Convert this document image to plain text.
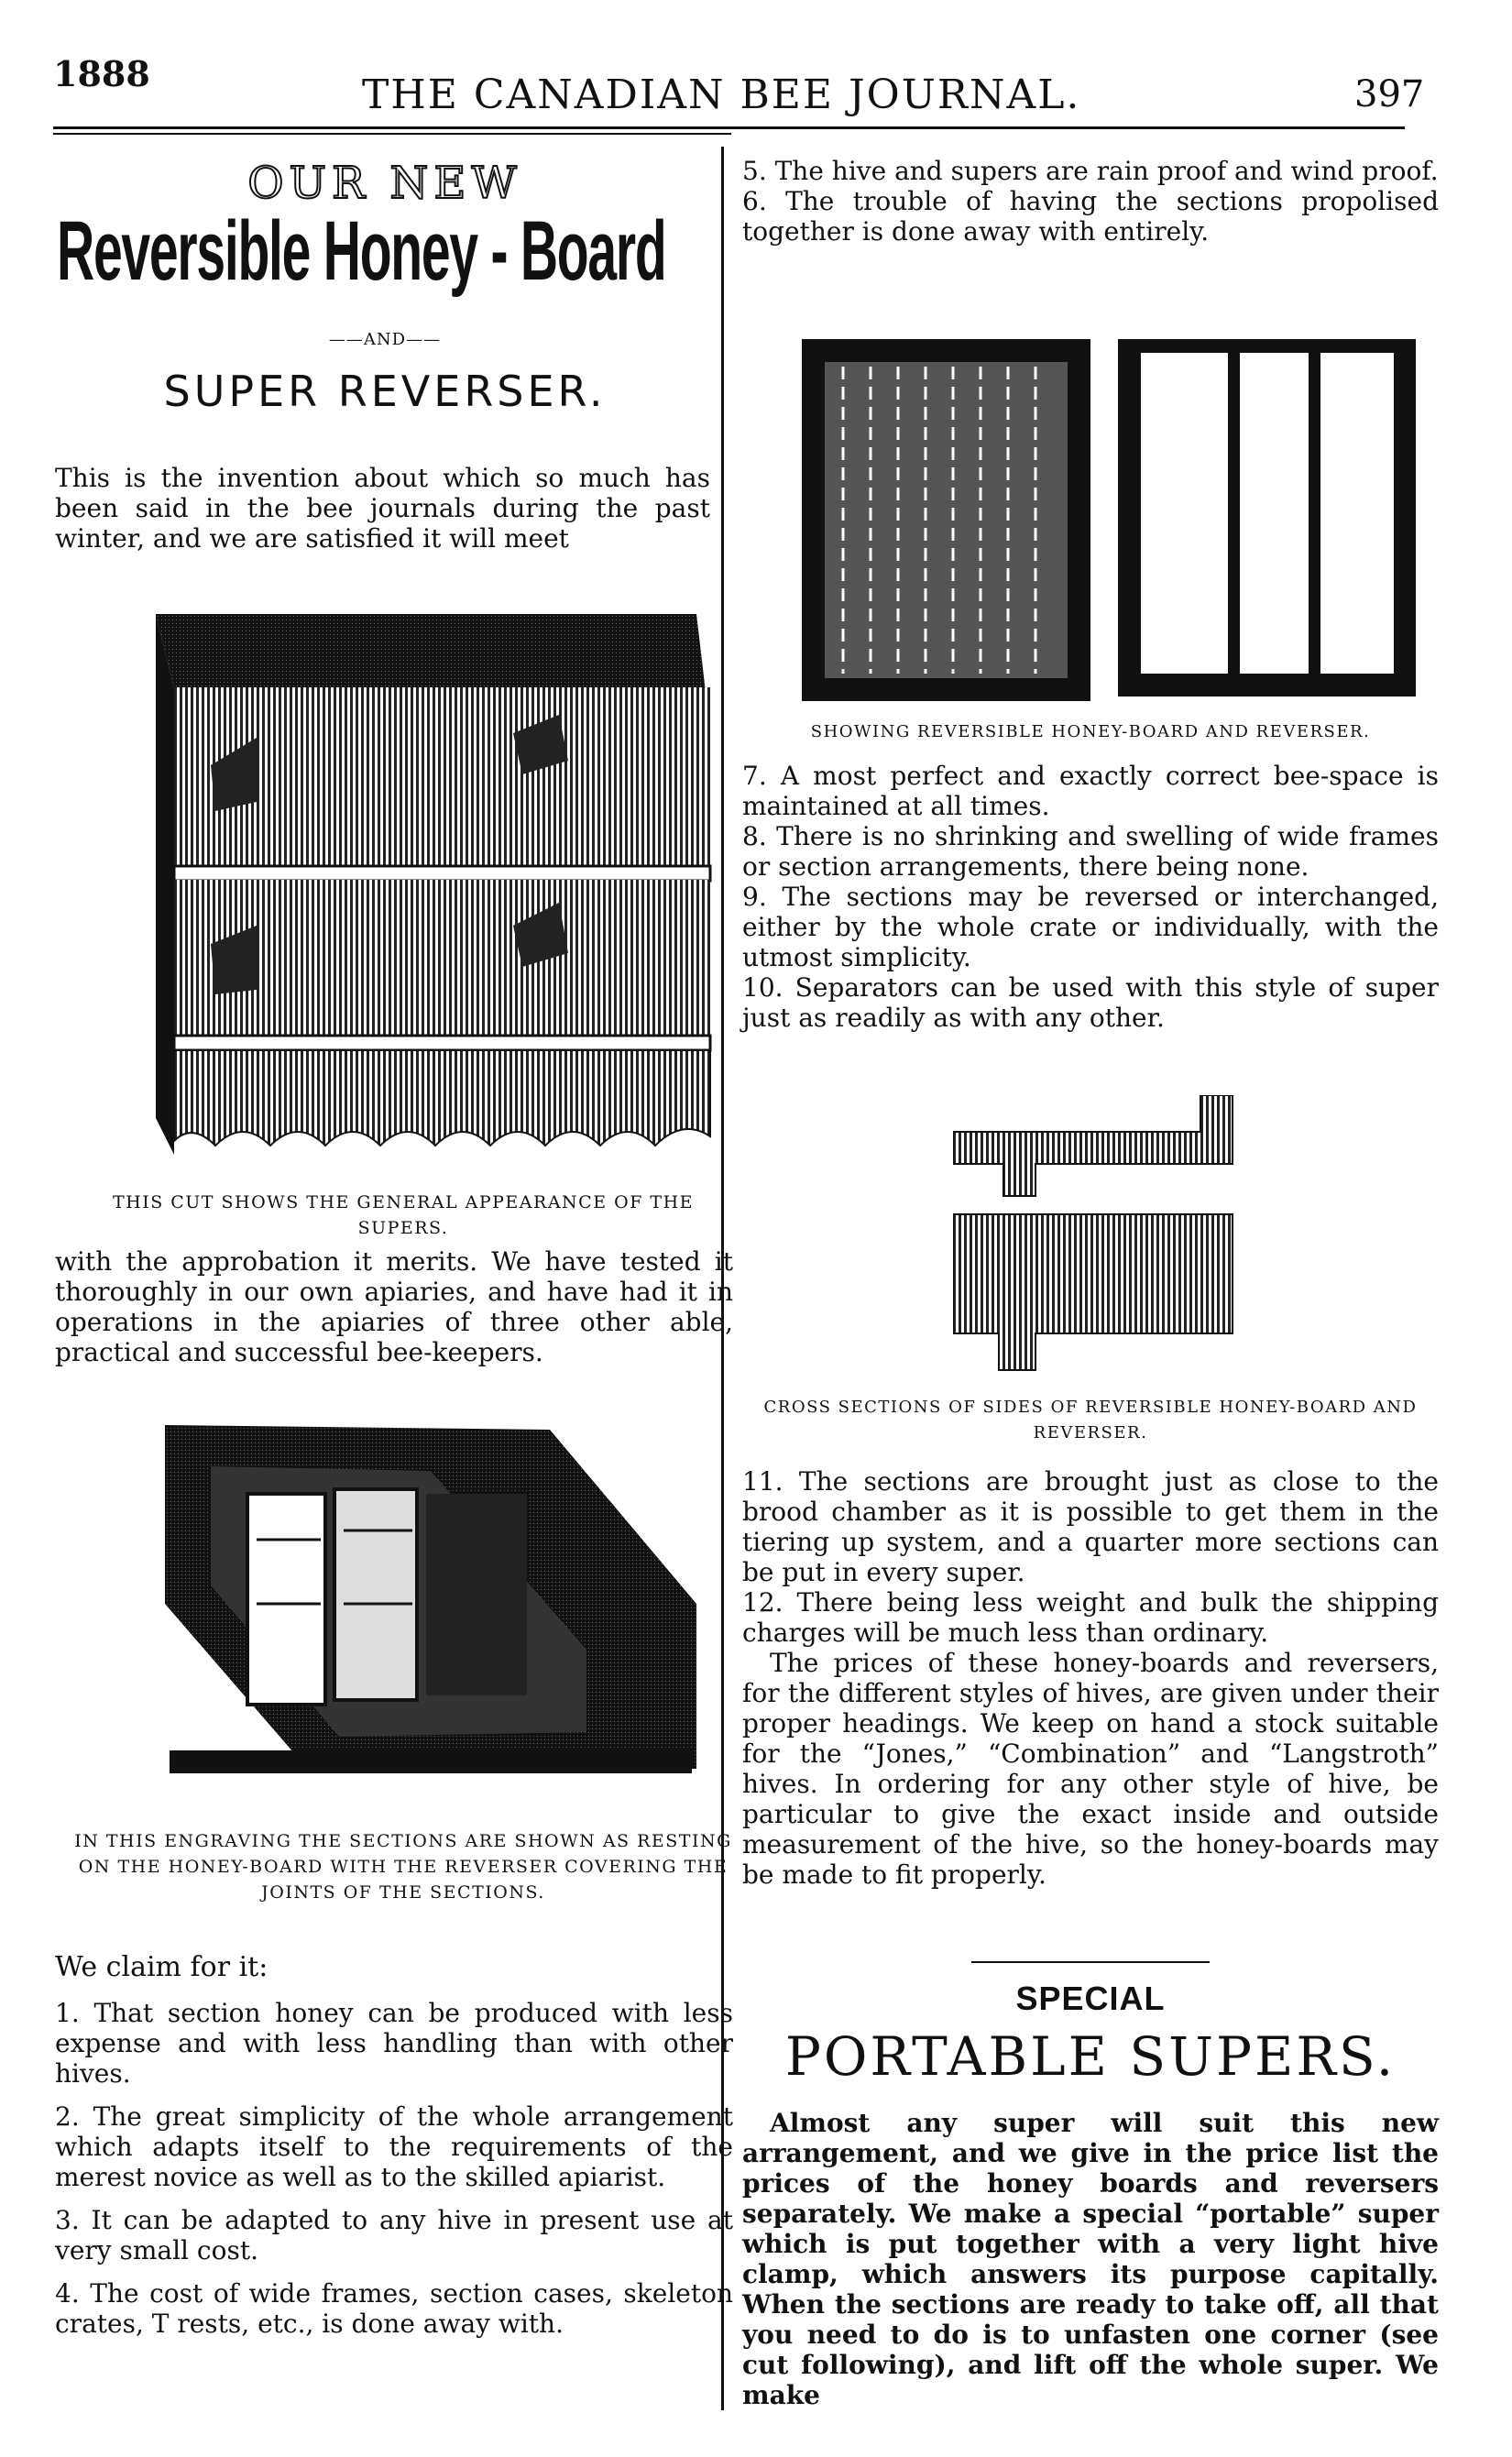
1888	THE CANADIAN BEE JOURNAL.	397
OUR NEW
Reversible Honey - Board
——AND——
SUPER REVERSER.

This is the invention about which so much has been said in the bee journals during the past winter, and we are satisfied it will meet

THIS CUT SHOWS THE GENERAL APPEARANCE OF THE SUPERS.

with the approbation it merits. We have tested it thoroughly in our own apiaries, and have had it in operations in the apiaries of three other able, practical and successful bee-keepers.

IN THIS ENGRAVING THE SECTIONS ARE SHOWN AS RESTING ON THE HONEY-BOARD WITH THE REVERSER COVERING THE JOINTS OF THE SECTIONS.

We claim for it:

1. That section honey can be produced with less expense and with less handling than with other hives.

2. The great simplicity of the whole arrangement which adapts itself to the requirements of the merest novice as well as to the skilled apiarist.

3. It can be adapted to any hive in present use at very small cost.

4. The cost of wide frames, section cases, skeleton crates, T rests, etc., is done away with.

5. The hive and supers are rain proof and wind proof.

6. The trouble of having the sections propolised together is done away with entirely.

SHOWING REVERSIBLE HONEY-BOARD AND REVERSER.

7. A most perfect and exactly correct bee-space is maintained at all times.

8. There is no shrinking and swelling of wide frames or section arrangements, there being none.

9. The sections may be reversed or interchanged, either by the whole crate or individually, with the utmost simplicity.

10. Separators can be used with this style of super just as readily as with any other.

CROSS SECTIONS OF SIDES OF REVERSIBLE HONEY-BOARD AND REVERSER.

11. The sections are brought just as close to the brood chamber as it is possible to get them in the tiering up system, and a quarter more sections can be put in every super.

12. There being less weight and bulk the shipping charges will be much less than ordinary.

The prices of these honey-boards and reversers, for the different styles of hives, are given under their proper headings. We keep on hand a stock suitable for the “Jones,” “Combination” and “Langstroth” hives. In ordering for any other style of hive, be particular to give the exact inside and outside measurement of the hive, so the honey-boards may be made to fit properly.

SPECIAL
PORTABLE SUPERS.

Almost any super will suit this new arrangement, and we give in the price list the prices of the honey boards and reversers separately. We make a special “portable” super which is put together with a very light hive clamp, which answers its purpose capitally. When the sections are ready to take off, all that you need to do is to unfasten one corner (see cut following), and lift off the whole super. We make
